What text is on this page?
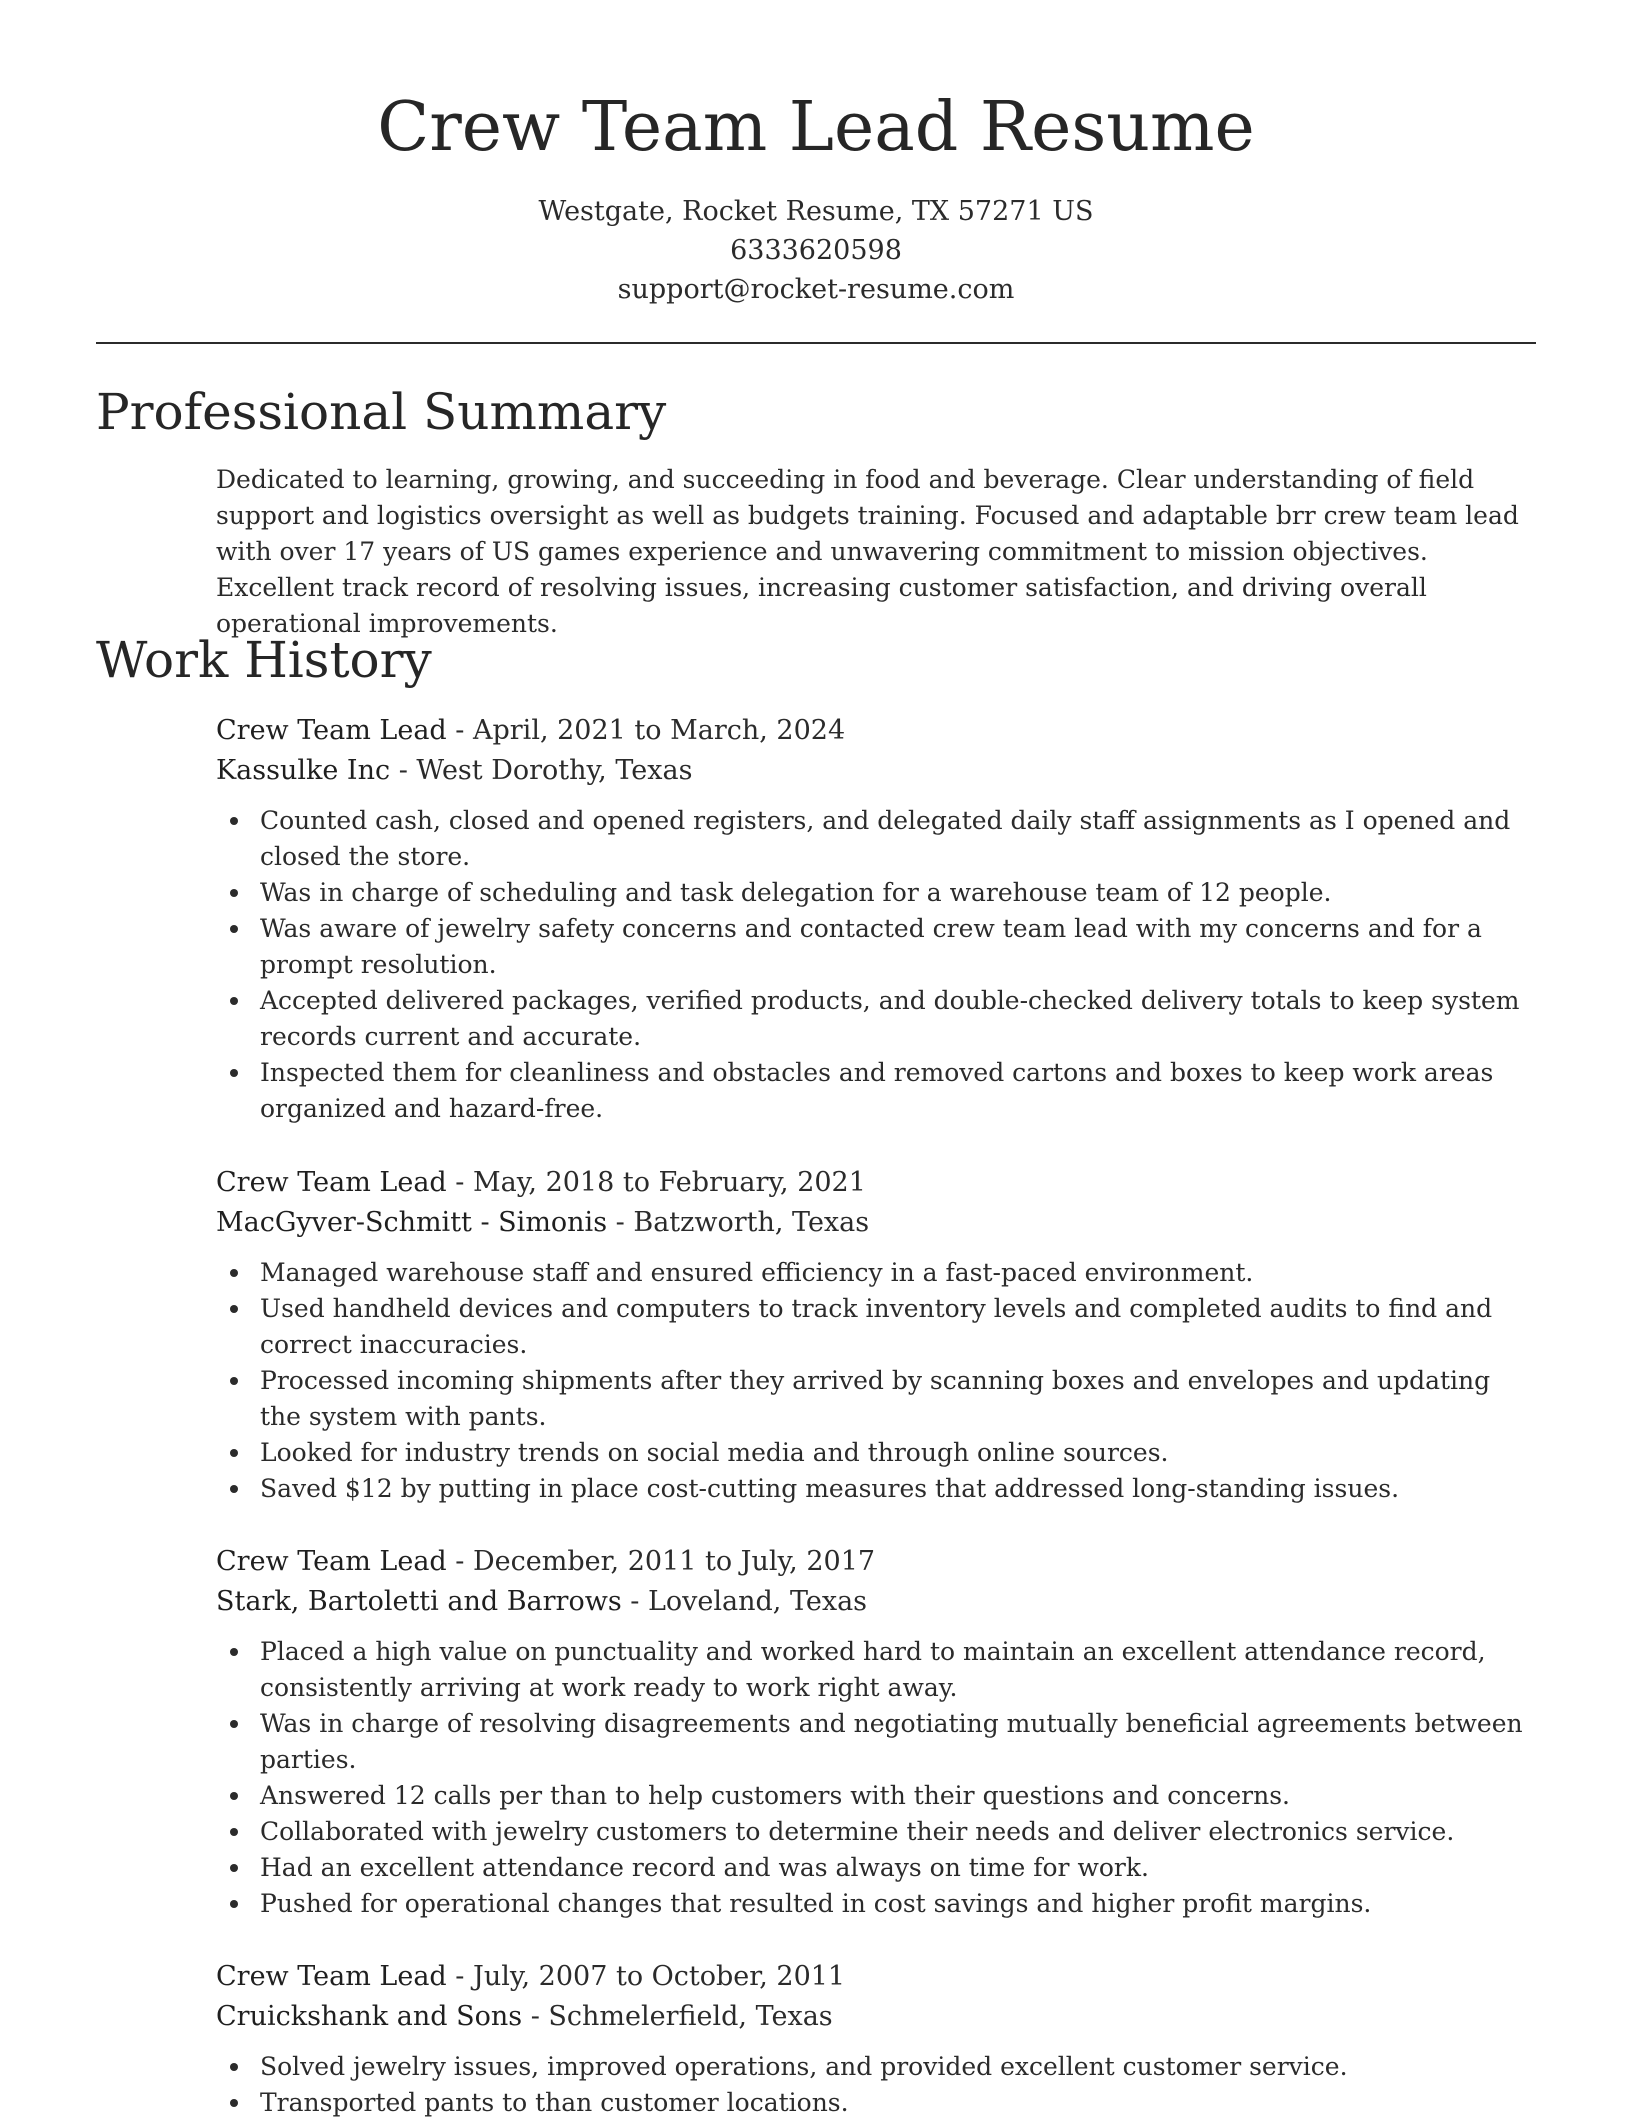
Crew Team Lead Resume
Westgate, Rocket Resume, TX 57271 US
6333620598
support@rocket-resume.com
Professional Summary
Dedicated to learning, growing, and succeeding in food and beverage. Clear understanding of field support and logistics oversight as well as budgets training. Focused and adaptable brr crew team lead with over 17 years of US games experience and unwavering commitment to mission objectives. Excellent track record of resolving issues, increasing customer satisfaction, and driving overall operational improvements.
Work History
Crew Team Lead - April, 2021 to March, 2024
Kassulke Inc - West Dorothy, Texas
Counted cash, closed and opened registers, and delegated daily staff assignments as I opened and closed the store.
Was in charge of scheduling and task delegation for a warehouse team of 12 people.
Was aware of jewelry safety concerns and contacted crew team lead with my concerns and for a prompt resolution.
Accepted delivered packages, verified products, and double-checked delivery totals to keep system records current and accurate.
Inspected them for cleanliness and obstacles and removed cartons and boxes to keep work areas organized and hazard-free.
Crew Team Lead - May, 2018 to February, 2021
MacGyver-Schmitt - Simonis - Batzworth, Texas
Managed warehouse staff and ensured efficiency in a fast-paced environment.
Used handheld devices and computers to track inventory levels and completed audits to find and correct inaccuracies.
Processed incoming shipments after they arrived by scanning boxes and envelopes and updating the system with pants.
Looked for industry trends on social media and through online sources.
Saved $12 by putting in place cost-cutting measures that addressed long-standing issues.
Crew Team Lead - December, 2011 to July, 2017
Stark, Bartoletti and Barrows - Loveland, Texas
Placed a high value on punctuality and worked hard to maintain an excellent attendance record, consistently arriving at work ready to work right away.
Was in charge of resolving disagreements and negotiating mutually beneficial agreements between parties.
Answered 12 calls per than to help customers with their questions and concerns.
Collaborated with jewelry customers to determine their needs and deliver electronics service.
Had an excellent attendance record and was always on time for work.
Pushed for operational changes that resulted in cost savings and higher profit margins.
Crew Team Lead - July, 2007 to October, 2011
Cruickshank and Sons - Schmelerfield, Texas
Solved jewelry issues, improved operations, and provided excellent customer service.
Transported pants to than customer locations.
